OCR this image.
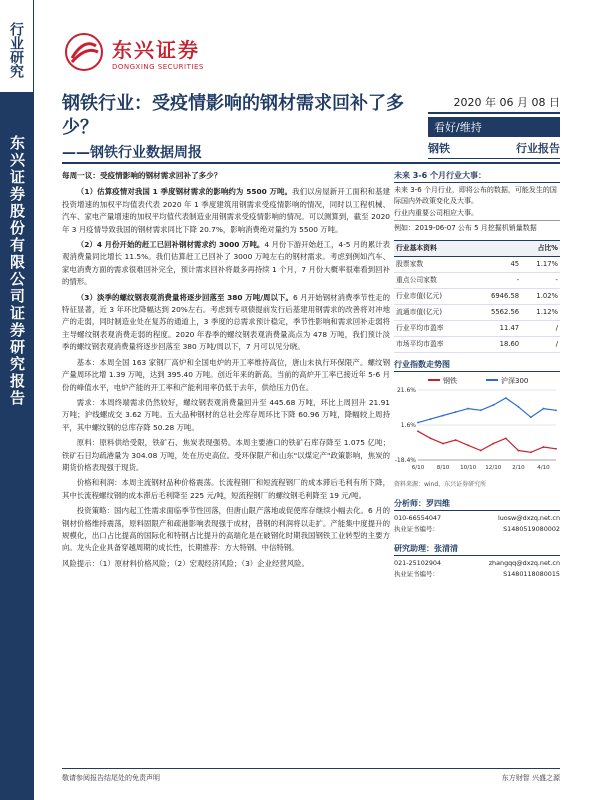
行业研究
东兴证券股份有限公司证券研究报告
东兴证券
DONGXING SECURITIES
钢铁行业：受疫情影响的钢材需求回补了多少？
——钢铁行业数据周报
2020 年 06 月 08 日
看好/维持
钢铁	行业报告
每周一议：受疫情影响的钢材需求回补了多少？

（1）估算疫情对我国 1 季度钢材需求的影响约为 5500 万吨。我们以房屋新开工面积和基建投资增速的加权平均值表代表 2020 年 1 季度建筑用钢需求受疫情影响的情况，同时以工程机械、汽车、家电产量增速的加权平均值代表制造业用钢需求受疫情影响的情况。可以测算到，截至 2020 年 3 月疫情导致我国的钢材需求同比下降 20.7%，影响消费绝对量约为 5500 万吨。

（2）4 月份开始的赶工已回补钢材需求约 3000 万吨。4 月份下游开始赶工，4-5 月的累计表观消费量同比增长 11.5%。我们估算赶工已回补了 3000 万吨左右的钢材需求。考虑到例如汽车、家电消费方面的需求很难回补完全，预计需求回补将最多再持续 1 个月，7 月份大概率很难看到回补的情形。

（3）淡季的螺纹钢表观消费量将逐步回落至 380 万吨/周以下。6 月开始钢材消费季节性走的特征显著，近 3 年环比降幅达到 20%左右。考虑到专项债提前发行后基建用钢需求的改善将对冲地产的走弱，同时制造业处在复苏的通道上，3 季度的总需求预计稳定，季节性影响和需求回补走弱将主导螺纹钢表观消费走弱的程度。2020 年春季的螺纹钢表观消费量高点为 478 万吨，我们预计淡季的螺纹钢表观消费量将逐步回落至 380 万吨/周以下，7 月可以见分晓。

基本：本周全国 163 家钢厂高炉和全国电炉的开工率维持高位，唐山未执行环保限产。螺纹钢产量周环比增 1.39 万吨，达到 395.40 万吨。创近年来的新高。当前的高炉开工率已接近年 5-6 月份的峰值水平，电炉产能的开工率和产能利用率仍低于去年，供给压力仍在。

需求：本周终端需求仍然较好，螺纹钢表观消费量回升至 445.68 万吨，环比上周回升 21.91 万吨；沪线螺成交 3.62 万吨。五大品种钢材的总社会库存周环比下降 60.96 万吨，降幅较上周持平，其中螺纹钢的总库存降 50.28 万吨。

原料：原料供给受限，铁矿石、焦炭表现强势。本周主要港口的铁矿石库存降至 1.075 亿吨；铁矿石日均疏港量为 304.08 万吨，处在历史高位。受环保限产和山东"以煤定产"政策影响，焦炭的期货价格表现强于现货。

价格和利润：本周主流钢材品种价格震荡。长流程钢厂和短流程钢厂的成本滞后毛利有所下降，其中长流程螺纹钢的成本滞后毛利降至 225 元/吨，短流程钢厂的螺纹钢毛利降至 19 元/吨。

投资策略：国内起工性需求面临季节性回落，但唐山限产落地或促使库存继续小幅去化。6 月的钢材价格维持震荡，原料固限产和疏港影响表现强于成材，普钢的利润将以走扩。产能集中度提升的规模化，出口占比提高的国际化和特钢占比提升的高端化是在破钢化时期我国钢铁工业转型的主要方向。龙头企业具备穿越周期的成长性，长期推荐：方大特钢、中信特钢。

风险提示：（1）原材料价格风险；（2）宏观经济风险；（3）企业经营风险。

未来 3-6 个月行业大事：

未来 3-6 个月行业，即将公布的数据，可能发生的国际国内外政策变化及大事。

行业内重要公司相应大事。

例如：2019-06-07 公布 5 月挖掘机销量数据

行业基本资料		占比%
股票家数	45	1.17%
重点公司家数	-	-
行业市值(亿元)	6946.58	1.02%
流通市值(亿元)	5562.56	1.12%
行业平均市盈率	11.47	/
市场平均市盈率	18.60	/
行业指数走势图
钢铁	沪深300
21.6%
1.6%
-18.4%
6/10 8/10 10/10 12/10 2/10 4/10
资料来源：wind、东兴证券研究所
分析师：罗四维
010-66554047	luosw@dxzq.net.cn
执业证书编号：	S1480519080002
研究助理：张清清
021-25102904	zhangqq@dxzq.net.cn
执业证书编号：	S1480118080015
敬请参阅报告结尾处的免责声明	东方财智 兴盛之源
